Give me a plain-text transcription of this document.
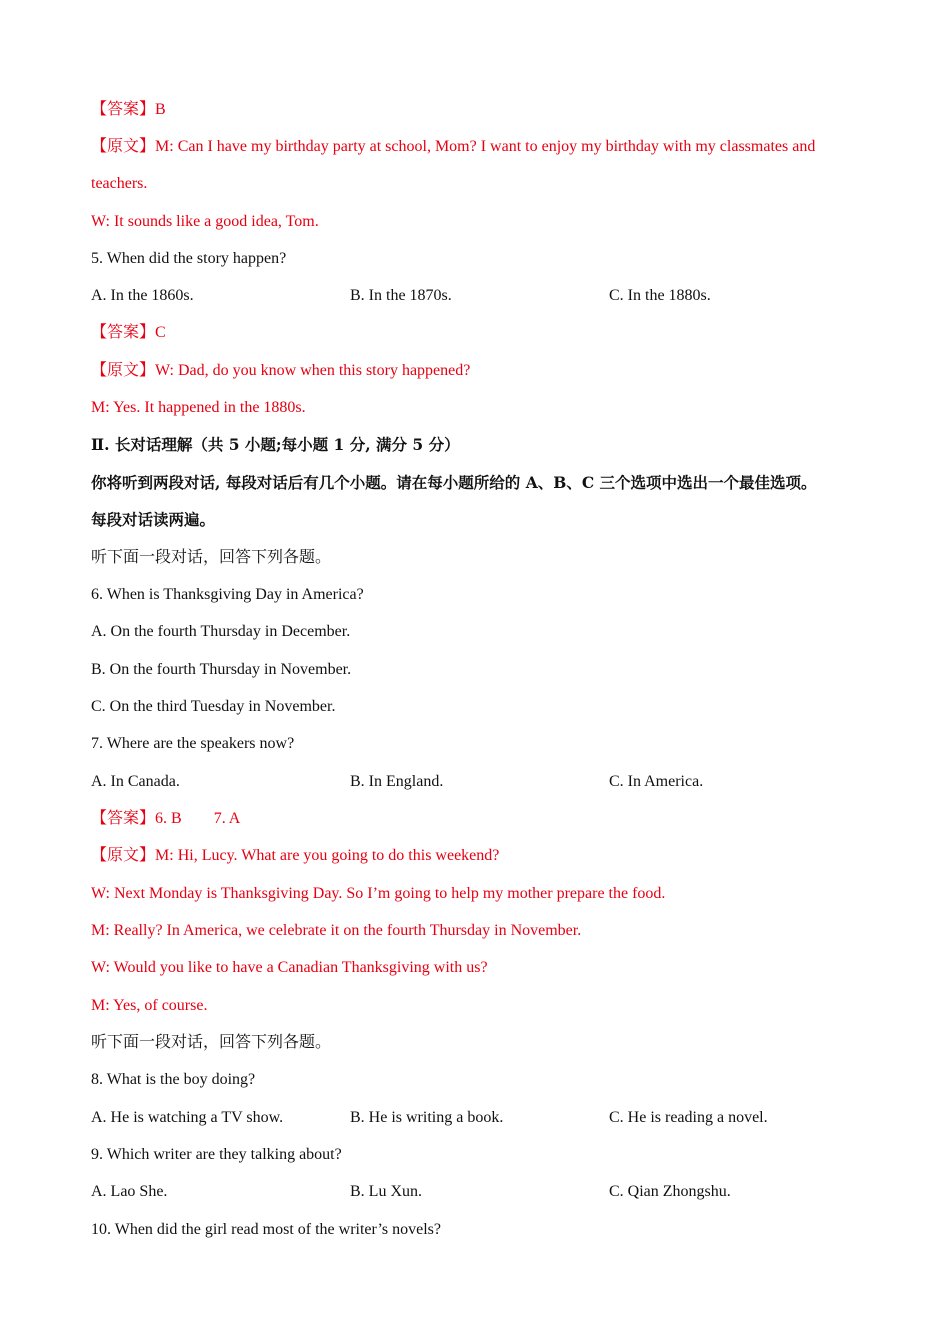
【答案】B
【原文】M: Can I have my birthday party at school, Mom? I want to enjoy my birthday with my classmates and
teachers.
W: It sounds like a good idea, Tom.
5. When did the story happen?
A. In the 1860s.	B. In the 1870s.	C. In the 1880s.
【答案】C
【原文】W: Dad, do you know when this story happened?
M: Yes. It happened in the 1880s.
Ⅱ. 长对话理解（共 5 小题;每小题 1 分, 满分 5 分）
你将听到两段对话, 每段对话后有几个小题。请在每小题所给的 A、B、C 三个选项中选出一个最佳选项。
每段对话读两遍。
听下面一段对话，回答下列各题。
6. When is Thanksgiving Day in America?
A. On the fourth Thursday in December.
B. On the fourth Thursday in November.
C. On the third Tuesday in November.
7. Where are the speakers now?
A. In Canada.	B. In England.	C. In America.
【答案】6. B        7. A
【原文】M: Hi, Lucy. What are you going to do this weekend?
W: Next Monday is Thanksgiving Day. So I’m going to help my mother prepare the food.
M: Really? In America, we celebrate it on the fourth Thursday in November.
W: Would you like to have a Canadian Thanksgiving with us?
M: Yes, of course.
听下面一段对话，回答下列各题。
8. What is the boy doing?
A. He is watching a TV show.	B. He is writing a book.	C. He is reading a novel.
9. Which writer are they talking about?
A. Lao She.	B. Lu Xun.	C. Qian Zhongshu.
10. When did the girl read most of the writer’s novels?
